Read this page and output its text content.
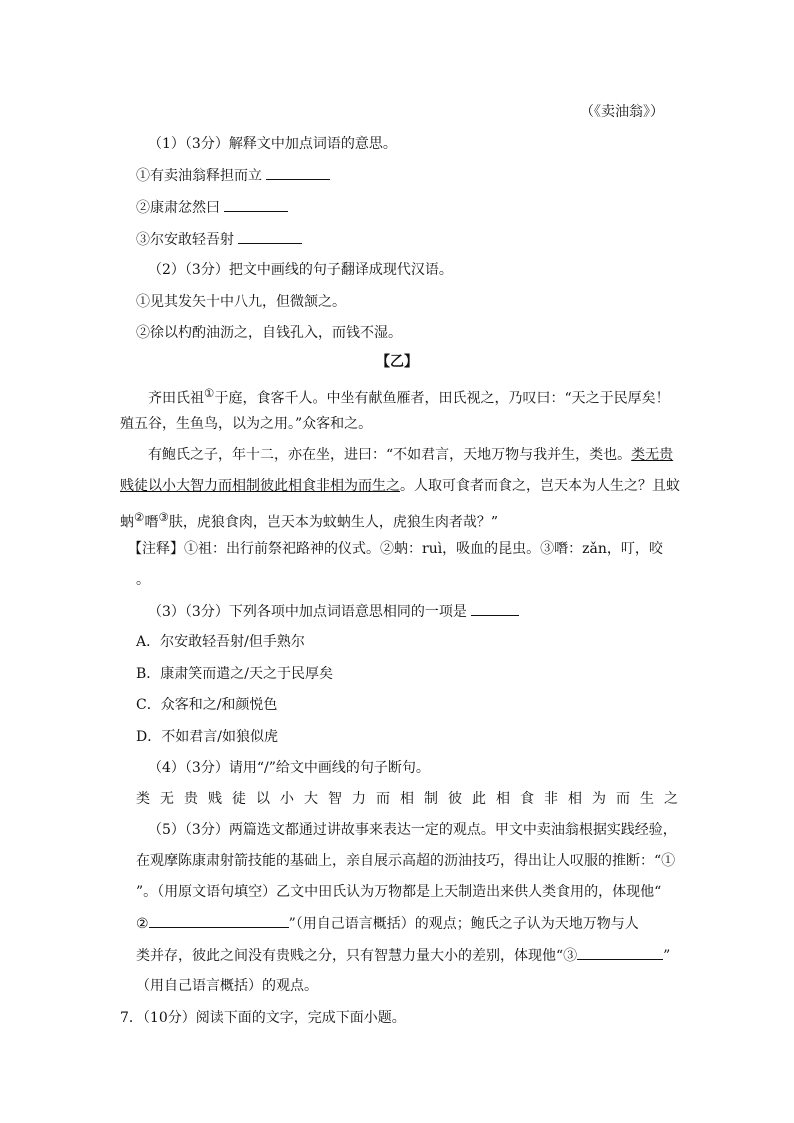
（《卖油翁》）
（1）（3分）解释文中加点词语的意思。
①有卖油翁释担而立
②康肃忿然曰
③尔安敢轻吾射
（2）（3分）把文中画线的句子翻译成现代汉语。
①见其发矢十中八九，但微颔之。
②徐以杓酌油沥之，自钱孔入，而钱不湿。
【乙】
齐田氏祖①于庭，食客千人。中坐有献鱼雁者，田氏视之，乃叹曰：“天之于民厚矣！
殖五谷，生鱼鸟，以为之用。”众客和之。
有鲍氏之子，年十二，亦在坐，进曰：“不如君言，天地万物与我并生，类也。类无贵
贱徒以小大智力而相制彼此相食非相为而生之。人取可食者而食之，岂天本为人生之？且蚊
蚋②噆③肤，虎狼食肉，岂天本为蚊蚋生人，虎狼生肉者哉？”
【注释】①祖：出行前祭祀路神的仪式。②蚋：ruì，吸血的昆虫。③噆：zǎn，叮，咬
。
（3）（3分）下列各项中加点词语意思相同的一项是
A．尔安敢轻吾射/但手熟尔
B．康肃笑而遣之/天之于民厚矣
C．众客和之/和颜悦色
D．不如君言/如狼似虎
（4）（3分）请用“/”给文中画线的句子断句。
类无贵贱徒以小大智力而相制彼此相食非相为而生之
（5）（3分）两篇选文都通过讲故事来表达一定的观点。甲文中卖油翁根据实践经验，
在观摩陈康肃射箭技能的基础上，亲自展示高超的沥油技巧，得出让人叹服的推断：“①
”。（用原文语句填空）乙文中田氏认为万物都是上天制造出来供人类食用的，体现他“
②	”（用自己语言概括）的观点；鲍氏之子认为天地万物与人
类并存，彼此之间没有贵贱之分，只有智慧力量大小的差别，体现他“③	”
（用自己语言概括）的观点。
7．（10分）阅读下面的文字，完成下面小题。
